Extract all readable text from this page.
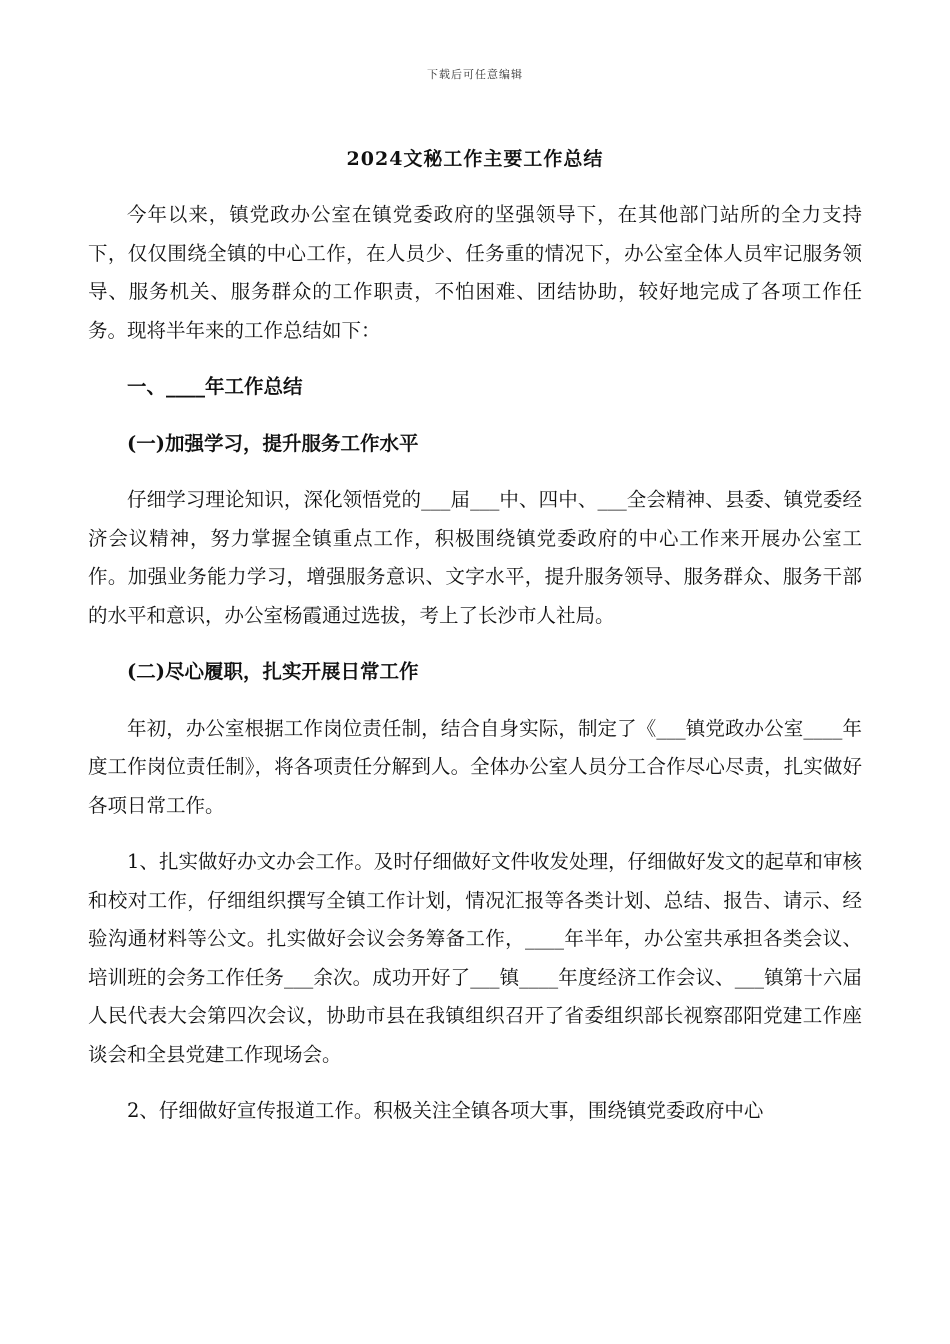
下载后可任意编辑
2024文秘工作主要工作总结

今年以来，镇党政办公室在镇党委政府的坚强领导下，在其他部门站所的全力支持下，仅仅围绕全镇的中心工作，在人员少、任务重的情况下，办公室全体人员牢记服务领导、服务机关、服务群众的工作职责，不怕困难、团结协助，较好地完成了各项工作任务。现将半年来的工作总结如下：

一、____年工作总结

(一)加强学习，提升服务工作水平

仔细学习理论知识，深化领悟党的___届___中、四中、___全会精神、县委、镇党委经济会议精神，努力掌握全镇重点工作，积极围绕镇党委政府的中心工作来开展办公室工作。加强业务能力学习，增强服务意识、文字水平，提升服务领导、服务群众、服务干部的水平和意识，办公室杨霞通过选拔，考上了长沙市人社局。

(二)尽心履职，扎实开展日常工作

年初，办公室根据工作岗位责任制，结合自身实际，制定了《___镇党政办公室____年度工作岗位责任制》，将各项责任分解到人。全体办公室人员分工合作尽心尽责，扎实做好各项日常工作。

1、扎实做好办文办会工作。及时仔细做好文件收发处理，仔细做好发文的起草和审核和校对工作，仔细组织撰写全镇工作计划，情况汇报等各类计划、总结、报告、请示、经验沟通材料等公文。扎实做好会议会务筹备工作，____年半年，办公室共承担各类会议、培训班的会务工作任务___余次。成功开好了___镇____年度经济工作会议、___镇第十六届人民代表大会第四次会议，协助市县在我镇组织召开了省委组织部长视察邵阳党建工作座谈会和全县党建工作现场会。

2、仔细做好宣传报道工作。积极关注全镇各项大事，围绕镇党委政府中心
